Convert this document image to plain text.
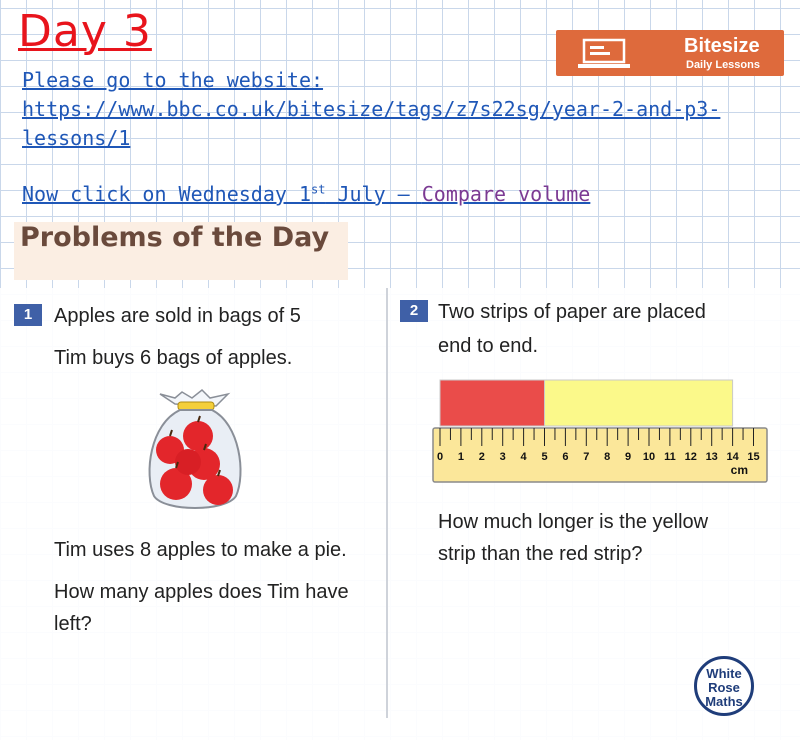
Day 3	Bitesize
Daily Lessons
Please go to the website:
https://www.bbc.co.uk/bitesize/tags/z7s22sg/year-2-and-p3-
lessons/1
Now click on Wednesday 1st July – Compare volume
Problems of the Day
1	Apples are sold in bags of 5
Tim buys 6 bags of apples.
Tim uses 8 apples to make a pie.
How many apples does Tim have
left?
2 Two strips of paper are placed
end to end.
0 1 2 3 4 5 6 7 8 9 10 11 12 13 14 15
cm
How much longer is the yellow
strip than the red strip?
White
Rose
Maths
